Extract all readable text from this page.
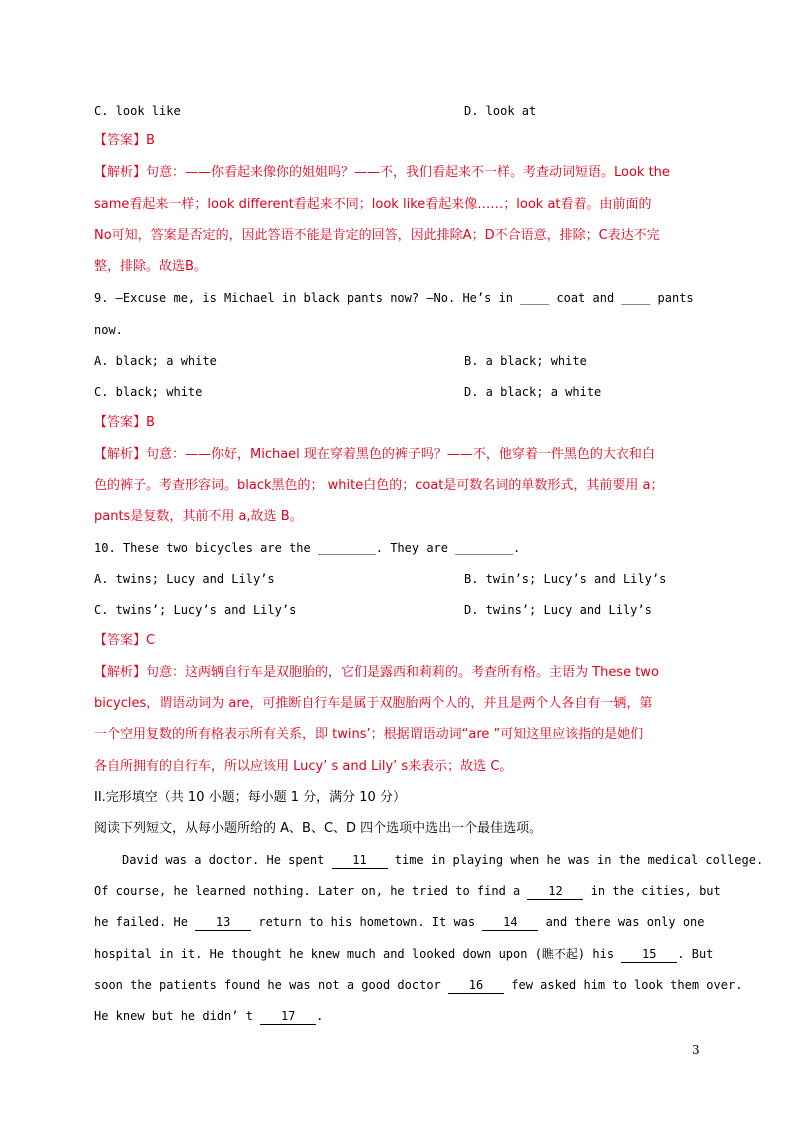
C. look like	D. look at
【答案】B
【解析】句意：——你看起来像你的姐姐吗？——不，我们看起来不一样。考查动词短语。Look the
same看起来一样；look different看起来不同；look like看起来像……；look at看着。由前面的
No可知，答案是否定的，因此答语不能是肯定的回答，因此排除A；D不合语意，排除；C表达不完
整，排除。故选B。
9. —Excuse me, is Michael in black pants now? —No. He’s in ____ coat and ____ pants
now.
A. black; a white	B. a black; white
C. black; white	D. a black; a white
【答案】B
【解析】句意：——你好，Michael 现在穿着黑色的裤子吗？——不，他穿着一件黑色的大衣和白
色的裤子。考查形容词。black黑色的； white白色的；coat是可数名词的单数形式，其前要用 a；
pants是复数，其前不用 a,故选 B。
10. These two bicycles are the ________. They are ________.
A. twins; Lucy and Lily’s	B. twin’s; Lucy’s and Lily’s
C. twins’; Lucy’s and Lily’s	D. twins’; Lucy and Lily’s
【答案】C
【解析】句意：这两辆自行车是双胞胎的，它们是露西和莉莉的。考查所有格。主语为 These two
bicycles，谓语动词为 are，可推断自行车是属于双胞胎两个人的，并且是两个人各自有一辆，第
一个空用复数的所有格表示所有关系，即 twins’；根据谓语动词“are ”可知这里应该指的是她们
各自所拥有的自行车，所以应该用 Lucy’ s and Lily’ s来表示；故选 C。
II.完形填空（共 10 小题；每小题 1 分，满分 10 分）
阅读下列短文，从每小题所给的 A、B、C、D 四个选项中选出一个最佳选项。
David was a doctor. He spent 11 time in playing when he was in the medical college.
Of course, he learned nothing. Later on, he tried to find a 12 in the cities, but
he failed. He 13 return to his hometown. It was 14 and there was only one
hospital in it. He thought he knew much and looked down upon (瞧不起) his 15 . But
soon the patients found he was not a good doctor 16 few asked him to look them over.
He knew but he didn’ t 17 .
3
